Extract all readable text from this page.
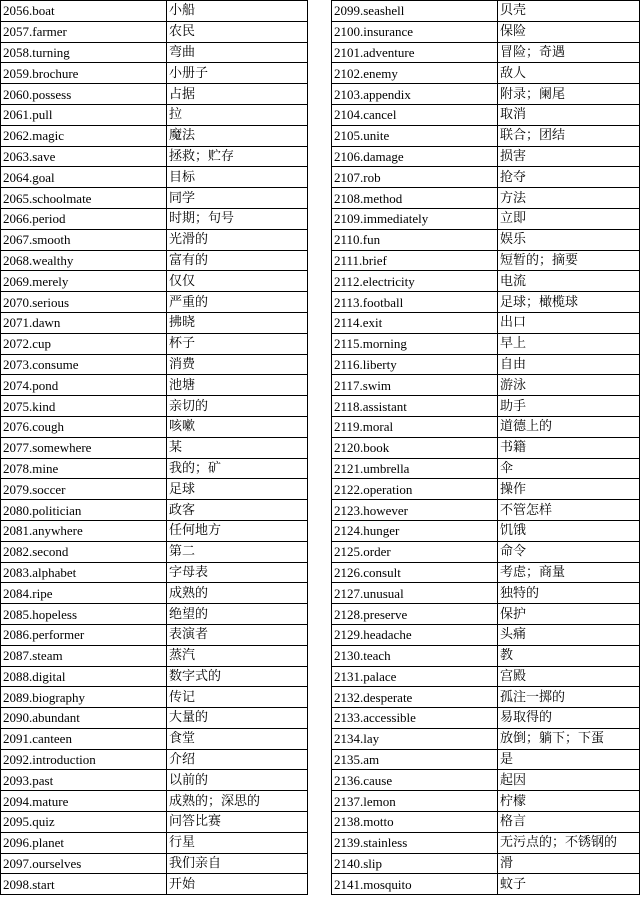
2056.boat	小船
2057.farmer	农民
2058.turning	弯曲
2059.brochure	小册子
2060.possess	占据
2061.pull	拉
2062.magic	魔法
2063.save	拯救；贮存
2064.goal	目标
2065.schoolmate	同学
2066.period	时期；句号
2067.smooth	光滑的
2068.wealthy	富有的
2069.merely	仅仅
2070.serious	严重的
2071.dawn	拂晓
2072.cup	杯子
2073.consume	消费
2074.pond	池塘
2075.kind	亲切的
2076.cough	咳嗽
2077.somewhere	某
2078.mine	我的；矿
2079.soccer	足球
2080.politician	政客
2081.anywhere	任何地方
2082.second	第二
2083.alphabet	字母表
2084.ripe	成熟的
2085.hopeless	绝望的
2086.performer	表演者
2087.steam	蒸汽
2088.digital	数字式的
2089.biography	传记
2090.abundant	大量的
2091.canteen	食堂
2092.introduction	介绍
2093.past	以前的
2094.mature	成熟的；深思的
2095.quiz	问答比赛
2096.planet	行星
2097.ourselves	我们亲自
2098.start	开始
2099.seashell	贝壳
2100.insurance	保险
2101.adventure	冒险；奇遇
2102.enemy	敌人
2103.appendix	附录；阑尾
2104.cancel	取消
2105.unite	联合；团结
2106.damage	损害
2107.rob	抢夺
2108.method	方法
2109.immediately	立即
2110.fun	娱乐
2111.brief	短暂的；摘要
2112.electricity	电流
2113.football	足球；橄榄球
2114.exit	出口
2115.morning	早上
2116.liberty	自由
2117.swim	游泳
2118.assistant	助手
2119.moral	道德上的
2120.book	书籍
2121.umbrella	伞
2122.operation	操作
2123.however	不管怎样
2124.hunger	饥饿
2125.order	命令
2126.consult	考虑；商量
2127.unusual	独特的
2128.preserve	保护
2129.headache	头痛
2130.teach	教
2131.palace	宫殿
2132.desperate	孤注一掷的
2133.accessible	易取得的
2134.lay	放倒；躺下；下蛋
2135.am	是
2136.cause	起因
2137.lemon	柠檬
2138.motto	格言
2139.stainless	无污点的；不锈钢的
2140.slip	滑
2141.mosquito	蚊子
